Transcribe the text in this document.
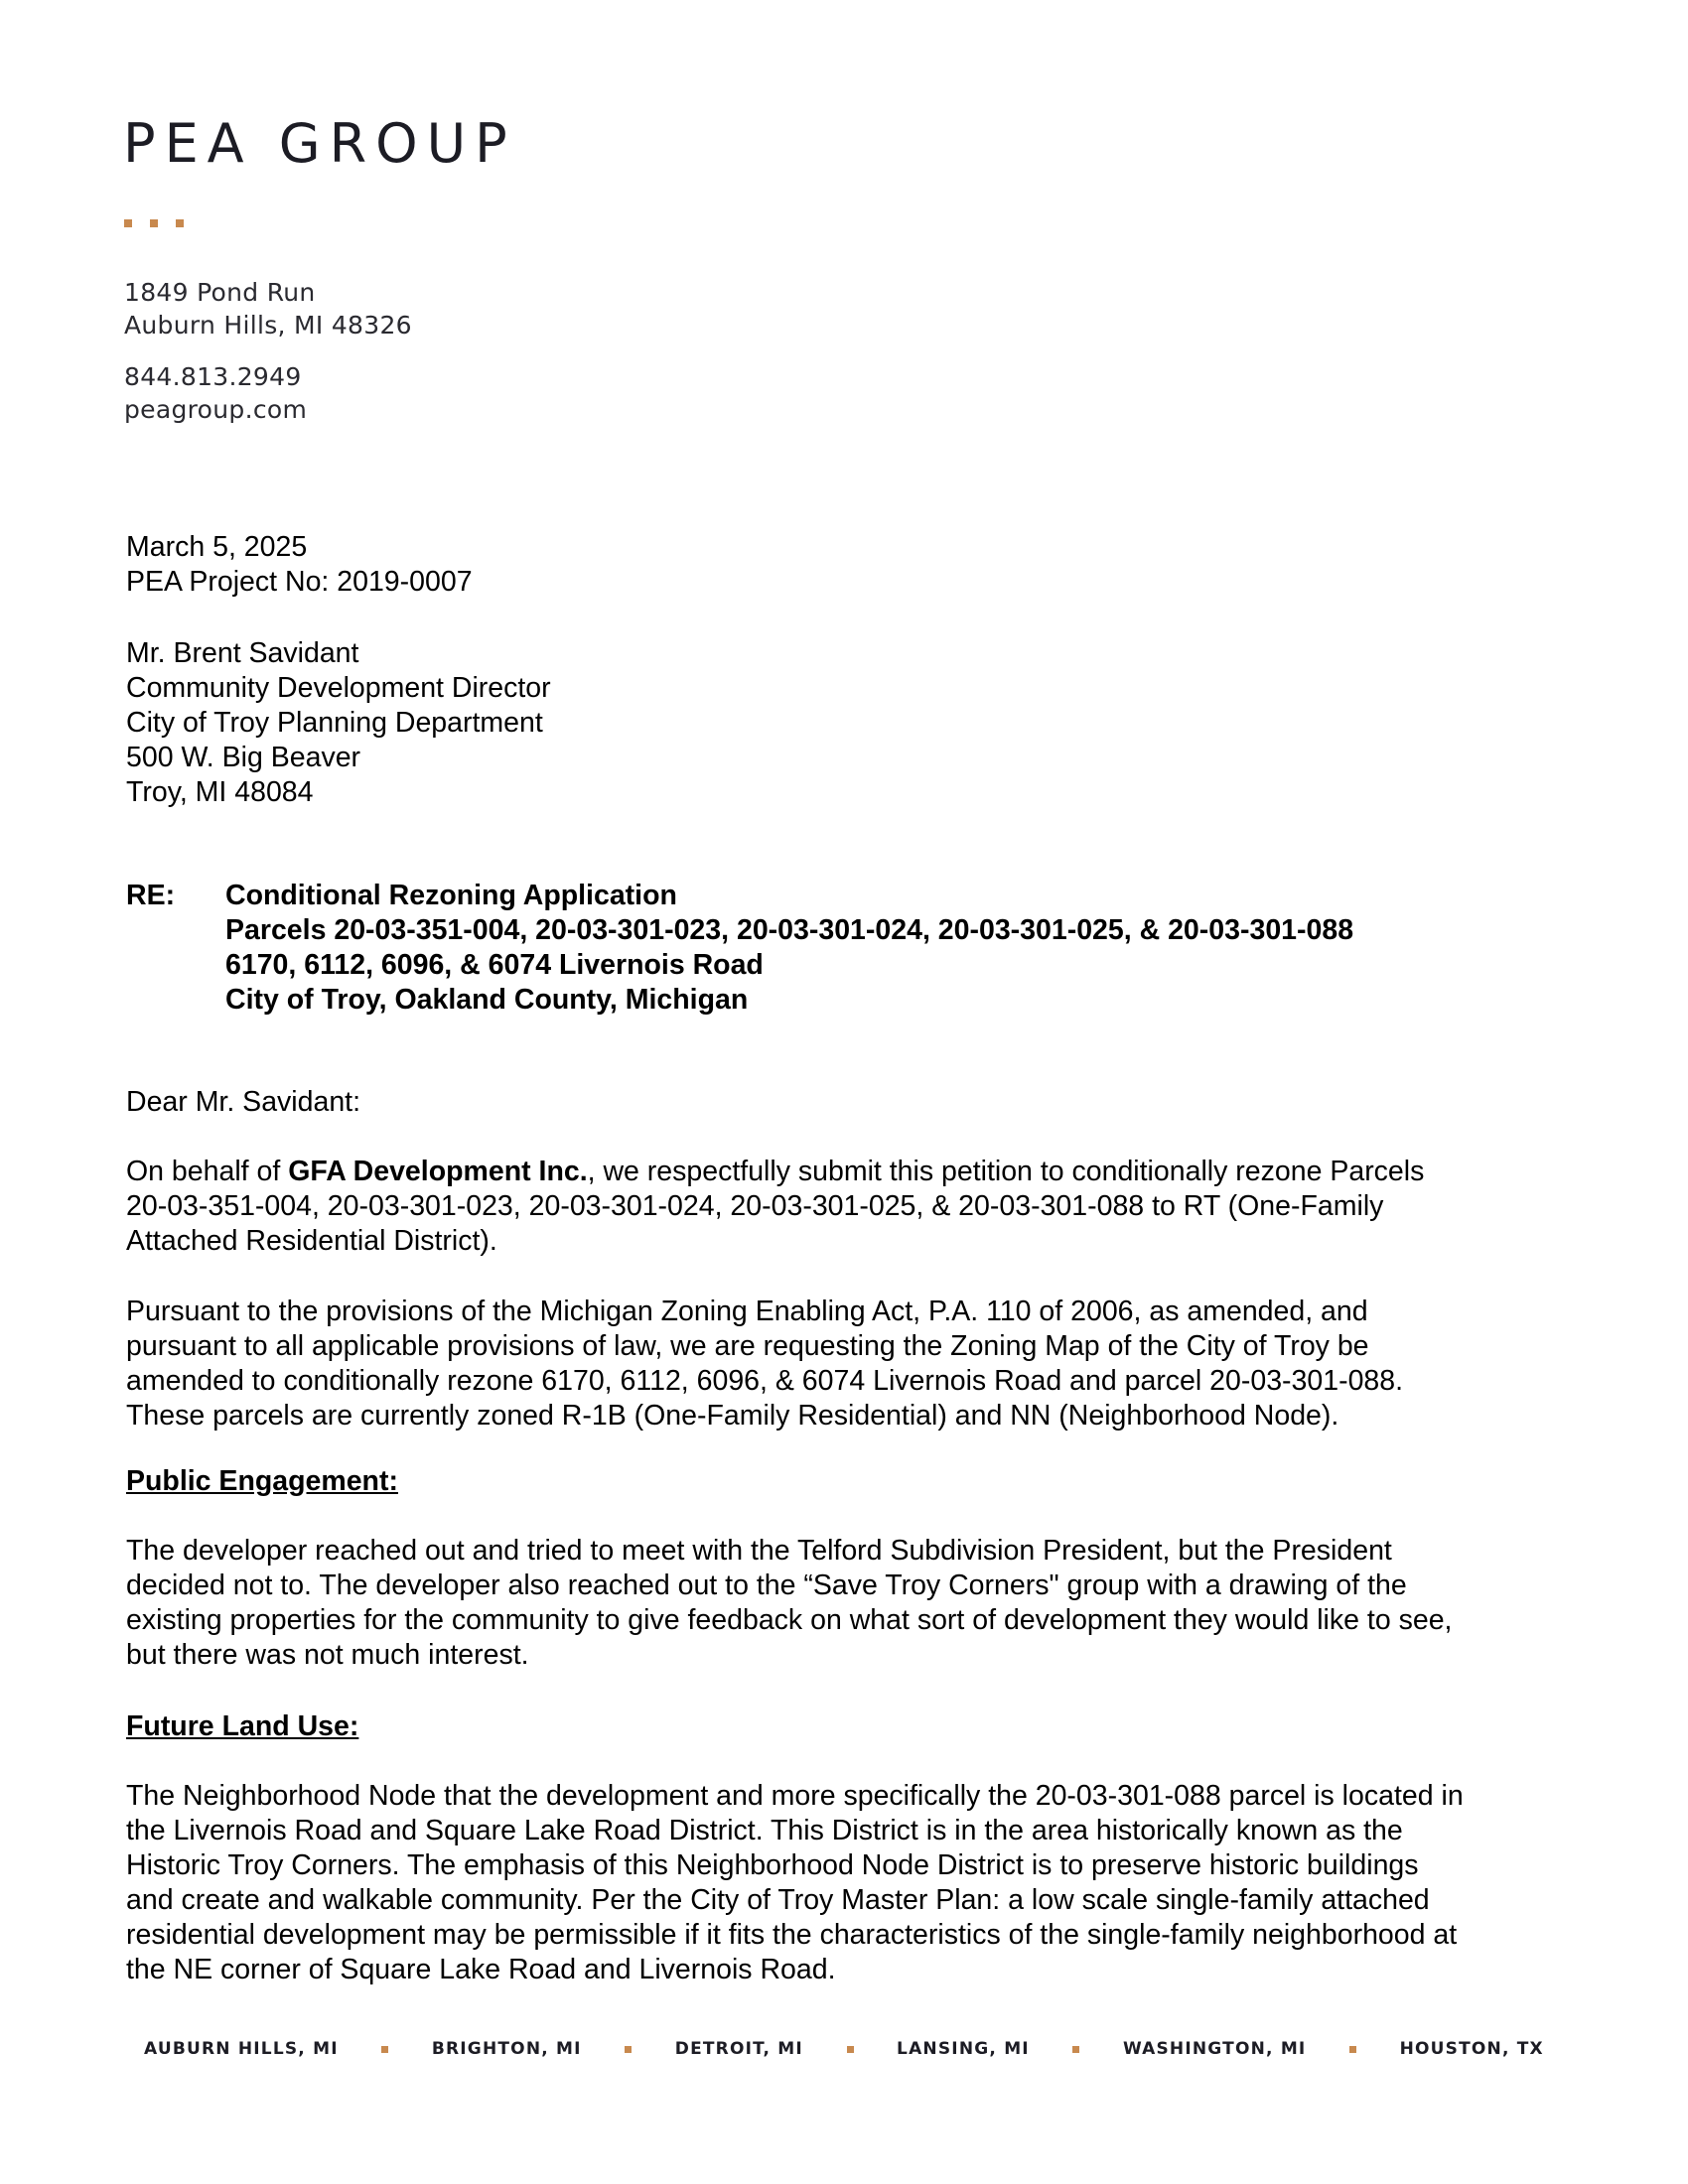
PEA GROUP
1849 Pond Run
Auburn Hills, MI 48326
844.813.2949
peagroup.com
March 5, 2025
PEA Project No: 2019-0007
Mr. Brent Savidant
Community Development Director
City of Troy Planning Department
500 W. Big Beaver
Troy, MI 48084
RE: Conditional Rezoning Application
Parcels 20-03-351-004, 20-03-301-023, 20-03-301-024, 20-03-301-025, & 20-03-301-088
6170, 6112, 6096, & 6074 Livernois Road
City of Troy, Oakland County, Michigan
Dear Mr. Savidant:
On behalf of GFA Development Inc., we respectfully submit this petition to conditionally rezone Parcels
20-03-351-004, 20-03-301-023, 20-03-301-024, 20-03-301-025, & 20-03-301-088 to RT (One-Family
Attached Residential District).
Pursuant to the provisions of the Michigan Zoning Enabling Act, P.A. 110 of 2006, as amended, and
pursuant to all applicable provisions of law, we are requesting the Zoning Map of the City of Troy be
amended to conditionally rezone 6170, 6112, 6096, & 6074 Livernois Road and parcel 20-03-301-088.
These parcels are currently zoned R-1B (One-Family Residential) and NN (Neighborhood Node).
Public Engagement:
The developer reached out and tried to meet with the Telford Subdivision President, but the President
decided not to. The developer also reached out to the “Save Troy Corners" group with a drawing of the
existing properties for the community to give feedback on what sort of development they would like to see,
but there was not much interest.
Future Land Use:
The Neighborhood Node that the development and more specifically the 20-03-301-088 parcel is located in
the Livernois Road and Square Lake Road District. This District is in the area historically known as the
Historic Troy Corners. The emphasis of this Neighborhood Node District is to preserve historic buildings
and create and walkable community. Per the City of Troy Master Plan: a low scale single-family attached
residential development may be permissible if it fits the characteristics of the single-family neighborhood at
the NE corner of Square Lake Road and Livernois Road.
AUBURN HILLS, MI	BRIGHTON, MI	DETROIT, MI	LANSING, MI	WASHINGTON, MI	HOUSTON, TX
